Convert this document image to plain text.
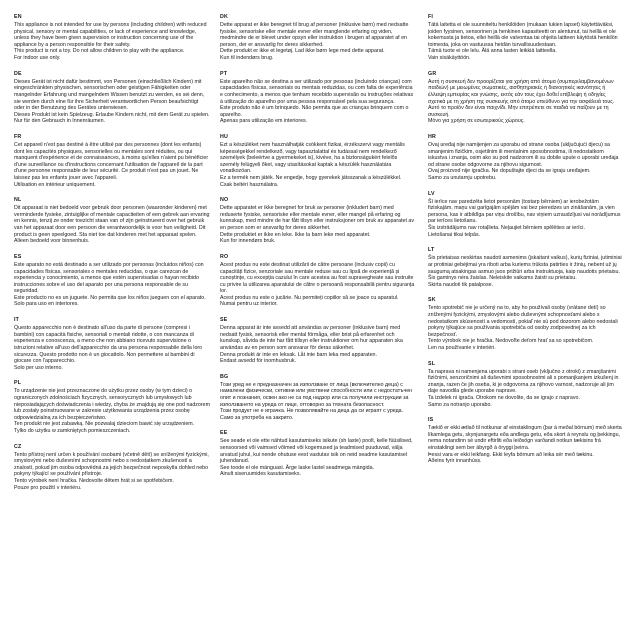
EN

This appliance is not intended for use by persons (including children) with reduced physical, sensory or mental capabilities, or lack of experience and knowledge, unless they have been given supervision or instruction concerning use of the appliance by a person responsible for their safety.
This product is not a toy. Do not allow children to play with the appliance.
For indoor use only.

DE

Dieses Gerät ist nicht dafür bestimmt, von Personen (einschließlich Kindern) mit eingeschränkten physischen, sensorischen oder geistigen Fähigkeiten oder mangelnder Erfahrung und mangelndem Wissen benutzt zu werden, es sei denn, sie werden durch eine für ihre Sicherheit verantwortlichen Person beaufsichtigt oder in der Benutzung des Gerätes unterwiesen.
Dieses Produkt ist kein Spielzeug. Erlaube Kindern nicht, mit dem Gerät zu spielen.
Nur für den Gebrauch in Innenräumen.

FR

Cet appareil n'est pas destiné à être utilisé par des personnes (dont les enfants) dont les capacités physiques, sensorielles ou mentales sont réduites, ou qui manquent d'expérience et de connaissances, à moins qu'elles n'aient pu bénéficier d'une surveillance ou d'instructions concernant l'utilisation de l'appareil de la part d'une personne responsable de leur sécurité. Ce produit n'est pas un jouet. Ne laissez pas les enfants jouer avec l'appareil.
Utilisation en intérieur uniquement.

NL

Dit apparaat is niet bedoeld voor gebruik door personen (waaronder kinderen) met verminderde fysieke, zintuiglijke of mentale capaciteiten of een gebrek aan ervaring en kennis, tenzij ze onder toezicht staan van of zijn geïnstrueerd over het gebruik van het apparaat door een persoon die verantwoordelijk is voor hun veiligheid. Dit product is geen speelgoed. Sta niet toe dat kinderen met het apparaat spelen. Alleen bedoeld voor binnenhuis.

ES

Este aparato no está destinado a ser utilizado por personas (incluidos niños) con capacidades físicas, sensoriales o mentales reducidas, o que carezcan de experiencia y conocimiento, a menos que estén supervisadas o hayan recibido instrucciones sobre el uso del aparato por una persona responsable de su seguridad.
Este producto no es un juguete. No permita que los niños jueguen con el aparato.
Solo para uso en interiores.

IT

Questo apparecchio non è destinato all'uso da parte di persone (compresi i bambini) con capacità fisiche, sensoriali o mentali ridotte, o con mancanza di esperienza e conoscenza, a meno che non abbiano ricevuto supervisione o istruzioni relative all'uso dell'apparecchio da una persona responsabile della loro sicurezza. Questo prodotto non è un giocattolo. Non permettere ai bambini di giocare con l'apparecchio.
Solo per uso interno.

PL

To urządzenie nie jest przeznaczone do użytku przez osoby (w tym dzieci) o ograniczonych zdolnościach fizycznych, sensorycznych lub umysłowych lub nieposiadających doświadczenia i wiedzy, chyba że znajdują się one pod nadzorem lub zostały poinstruowane w zakresie użytkowania urządzenia przez osobę odpowiedzialną za ich bezpieczeństwo.
Ten produkt nie jest zabawką. Nie pozwalaj dzieciom bawić się urządzeniem.
Tylko do użytku w zamkniętych pomieszczeniach.

CZ

Tento přístroj není určen k používání osobami (včetně dětí) se sníženými fyzickými, smyslovými nebo duševními schopnostmi nebo s nedostatkem zkušeností a znalostí, pokud jim osoba odpovědná za jejich bezpečnost neposkytla dohled nebo pokyny týkající se používání přístroje.
Tento výrobek není hračka. Nedovolte dětem hrát si se spotřebičem.
Pouze pro použití v interiéru.

DK

Dette apparat er ikke beregnet til brug af personer (inklusive børn) med nedsatte fysiske, sensoriske eller mentale evner eller manglende erfaring og viden, medmindre de er blevet under opsyn eller instruktion i brugen af apparatet af en person, der er ansvarlig for deres sikkerhed.
Dette produkt er ikke et legetøj. Lad ikke børn lege med dette apparat.
Kun til indendørs brug.

PT

Este aparelho não se destina a ser utilizado por pessoas (incluindo crianças) com capacidades físicas, sensoriais ou mentais reduzidas, ou com falta de experiência e conhecimento, a menos que tenham recebido supervisão ou instruções relativas à utilização do aparelho por uma pessoa responsável pela sua segurança.
Este produto não é um brinquedo. Não permita que as crianças brinquem com o aparelho.
Apenas para utilização em interiores.

HU

Ezt a készüléket nem használhatják csökkent fizikai, érzékszervi vagy mentális képességekkel rendelkező, vagy tapasztalattal és tudással nem rendelkező személyek (beleértve a gyermekeket is), kivéve, ha a biztonságukért felelős személy felügyeli őket, vagy utasításokat kaptak a készülék használatára vonatkozóan.
Ez a termék nem játék. Ne engedje, hogy gyerekek játsszanak a készülékkel.
Csak beltéri használatra.

NO

Dette apparatet er ikke beregnet for bruk av personer (inkludert barn) med reduserte fysiske, sensoriske eller mentale evner, eller mangel på erfaring og kunnskap, med mindre de har fått tilsyn eller instruksjoner om bruk av apparatet av en person som er ansvarlig for deres sikkerhet.
Dette produktet er ikke en leke. Ikke la barn leke med apparatet.
Kun for innendørs bruk.

RO

Acest produs nu este destinat utilizării de către persoane (inclusiv copii) cu capacități fizice, senzoriale sau mentale reduse sau cu lipsă de experiență și cunoștințe, cu excepția cazului în care acestea au fost supravegheate sau instruite cu privire la utilizarea aparatului de către o persoană responsabilă pentru siguranța lor.
Acest produs nu este o jucărie. Nu permiteți copiilor să se joace cu aparatul.
Numai pentru uz interior.

SE

Denna apparat är inte avsedd att användas av personer (inklusive barn) med nedsatt fysisk, sensorisk eller mental förmåga, eller brist på erfarenhet och kunskap, såvida de inte har fått tillsyn eller instruktioner om hur apparaten ska användas av en person som ansvarar för deras säkerhet.
Denna produkt är inte en leksak. Låt inte barn leka med apparaten.
Endast avsedd för inomhusbruk.

BG

Този уред не е предназначен за използване от лица (включително деца) с намалени физически, сетивни или умствени способности или с недостатъчен опит и познания, освен ако не са под надзор или са получили инструкции за използването на уреда от лице, отговорно за тяхната безопасност.
Този продукт не е играчка. Не позволявайте на деца да си играят с уреда.
Само за употреба на закрито.

EE

See seade ei ole ette nähtud kasutamiseks isikute (sh laste) poolt, kelle füüsilised, sensoorsed või vaimsed võimed või kogemused ja teadmised puuduvad, välja arvatud juhul, kui nende ohutuse eest vastutav isik on neid seadme kasutamisel juhendanud.
See toode ei ole mänguasi. Ärge laske lastel seadmega mängida.
Ainult siseruumides kasutamiseks.

FI

Tätä laitetta ei ole suunniteltu henkilöiden (mukaan lukien lapset) käytettäväksi, joiden fyysinen, sensorinen ja henkinen kapasiteetti on alentunut, tai heillä ei ole kokemusta ja tietoa, ellei heillä ole valvontaa tai ohjeita laitteen käytöstä henkilön toimesta, joka on vastuussa heidän turvallisuudestaan.
Tämä tuote ei ole lelu. Älä anna lasten leikkiä laitteella.
Vain sisäkäyttöön.

GR

Αυτή η συσκευή δεν προορίζεται για χρήση από άτομα (συμπεριλαμβανομένων παιδιών) με μειωμένες σωματικές, αισθητηριακές ή διανοητικές ικανότητες ή έλλειψη εμπειρίας και γνώσης, εκτός εάν τους έχει δοθεί επίβλεψη ή οδηγίες σχετικά με τη χρήση της συσκευής από άτομο υπεύθυνο για την ασφάλειά τους.
Αυτό το προϊόν δεν είναι παιχνίδι. Μην επιτρέπετε σε παιδιά να παίζουν με τη συσκευή.
Μόνο για χρήση σε εσωτερικούς χώρους.

HR

Ovaj uređaj nije namijenjen za uporabu od strane osoba (uključujući djecu) sa smanjenim fizičkim, osjetilnim ili mentalnim sposobnostima, ili nedostatkom iskustva i znanja, osim ako su pod nadzorom ili su dobile upute o uporabi uređaja od strane osobe odgovorne za njihovu sigurnost.
Ovaj proizvod nije igračka. Ne dopuštajte djeci da se igraju uređajem.
Samo za unutarnju upotrebu.

LV

Šī ierīce nav paredzēta lietot personām (tostarp bērniem) ar ierobežotām fiziskajām, maņu vai garīgajām spējām vai bez pieredzes un zināšanām, ja vien persona, kas ir atbildīga par viņu drošību, nav viņiem uzraudzījusi vai norādījumus par ierīces lietošanu.
Šis izstrādājums nav rotaļlieta. Neļaujiet bērniem spēlēties ar ierīci.
Lietošanai tikai telpās.

LT

Šis prietaisas neskirtas naudoti asmenims (įskaitant vaikus), kurių fiziniai, jutiminiai ar protiniai gebėjimai yra riboti arba kuriems trūksta patirties ir žinių, nebent už jų saugumą atsakingas asmuo juos prižiūri arba instruktuoja, kaip naudotis prietaisu.
Šis gaminys nėra žaislas. Neleiskite vaikams žaisti su prietaisu.
Skirta naudoti tik patalpose.

SK

Tento spotrebič nie je určený na to, aby ho používali osoby (vrátane detí) so zníženými fyzickými, zmyslovými alebo duševnými schopnosťami alebo s nedostatkom skúseností a vedomostí, pokiaľ nie sú pod dozorom alebo nedostali pokyny týkajúce sa používania spotrebiča od osoby zodpovednej za ich bezpečnosť.
Tento výrobok nie je hračka. Nedovoľte deťom hrať sa so spotrebičom.
Len na používanie v interiéri.

SL

Ta naprava ni namenjena uporabi s strani oseb (vključno z otroki) z zmanjšanimi fizičnimi, senzoričnimi ali duševnimi sposobnostmi ali s pomanjkanjem izkušenj in znanja, razen če jih oseba, ki je odgovorna za njihovo varnost, nadzoruje ali jim daje navodila glede uporabe naprave.
Ta izdelek ni igrača. Otrokom ne dovolite, da se igrajo z napravo.
Samo za notranjo uporabo.

IS

Tækið er ekki ætlað til notkunar af einstaklingum (þar á meðal börnum) með skerta líkamlega getu, skynjunargetu eða andlega getu, eða skort á reynslu og þekkingu, nema notandinn sé undir eftirliti eða leiðsögn varðandi notkun tækisins frá einstaklingi sem ber ábyrgð á öryggi þeirra.
Þessi vara er ekki leikfang. Ekki leyfa börnum að leika sér með tækinu.
Aðeins fyrir innanhúss.
